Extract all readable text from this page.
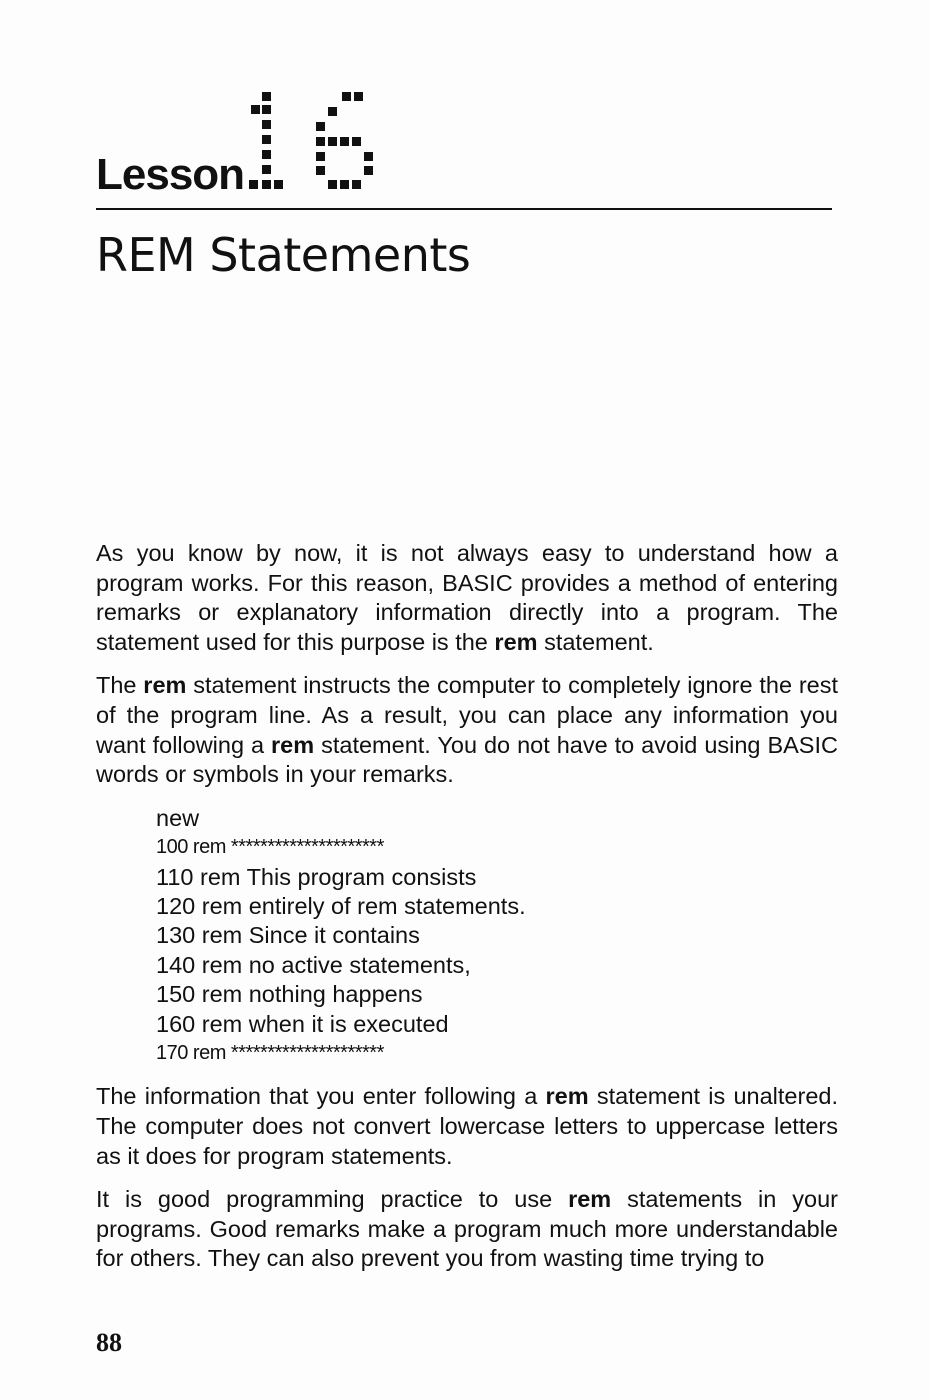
Lesson
REM Statements

As you know by now, it is not always easy to understand how a program works. For this reason, BASIC provides a method of entering remarks or explanatory information directly into a program. The statement used for this purpose is the rem statement.

The rem statement instructs the computer to completely ignore the rest of the program line. As a result, you can place any information you want following a rem statement. You do not have to avoid using BASIC words or symbols in your remarks.

new
100 rem *********************
110 rem This program consists
120 rem entirely of rem statements.
130 rem Since it contains
140 rem no active statements,
150 rem nothing happens
160 rem when it is executed
170 rem *********************

The information that you enter following a rem statement is unaltered. The computer does not convert lowercase letters to uppercase letters as it does for program statements.

It is good programming practice to use rem statements in your programs. Good remarks make a program much more understandable for others. They can also prevent you from wasting time trying to

88
